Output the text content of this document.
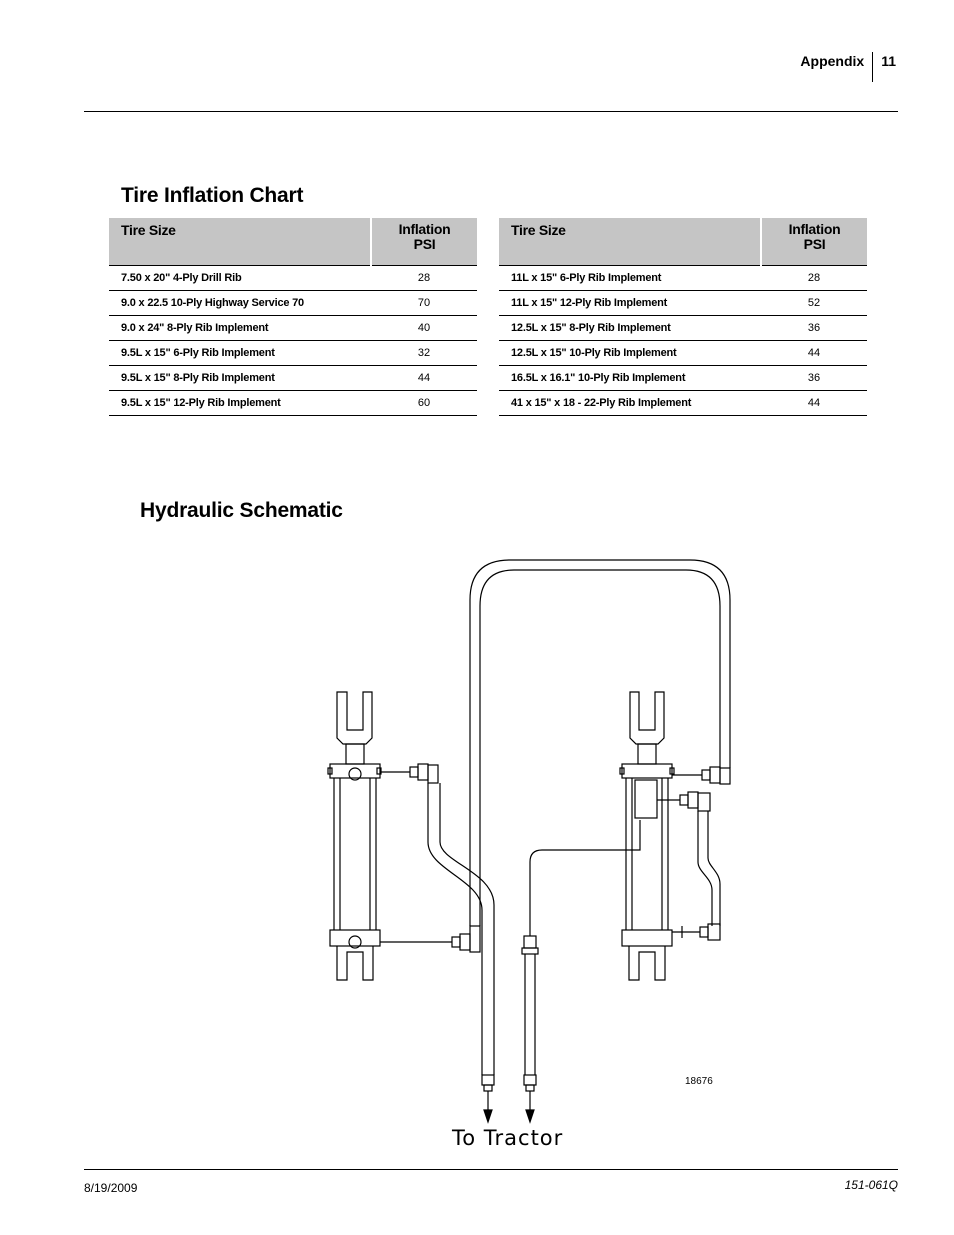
Appendix 11
Tire Inflation Chart
Tire Size	Inflation
PSI
7.50 x 20" 4-Ply Drill Rib	28
9.0 x 22.5 10-Ply Highway Service 70	70
9.0 x 24" 8-Ply Rib Implement	40
9.5L x 15" 6-Ply Rib Implement	32
9.5L x 15" 8-Ply Rib Implement	44
9.5L x 15" 12-Ply Rib Implement	60
Tire Size	Inflation
PSI
11L x 15" 6-Ply Rib Implement	28
11L x 15" 12-Ply Rib Implement	52
12.5L x 15" 8-Ply Rib Implement	36
12.5L x 15" 10-Ply Rib Implement	44
16.5L x 16.1" 10-Ply Rib Implement	36
41 x 15" x 18 - 22-Ply Rib Implement	44
Hydraulic Schematic
18676
To Tractor
8/19/2009	151-061Q
